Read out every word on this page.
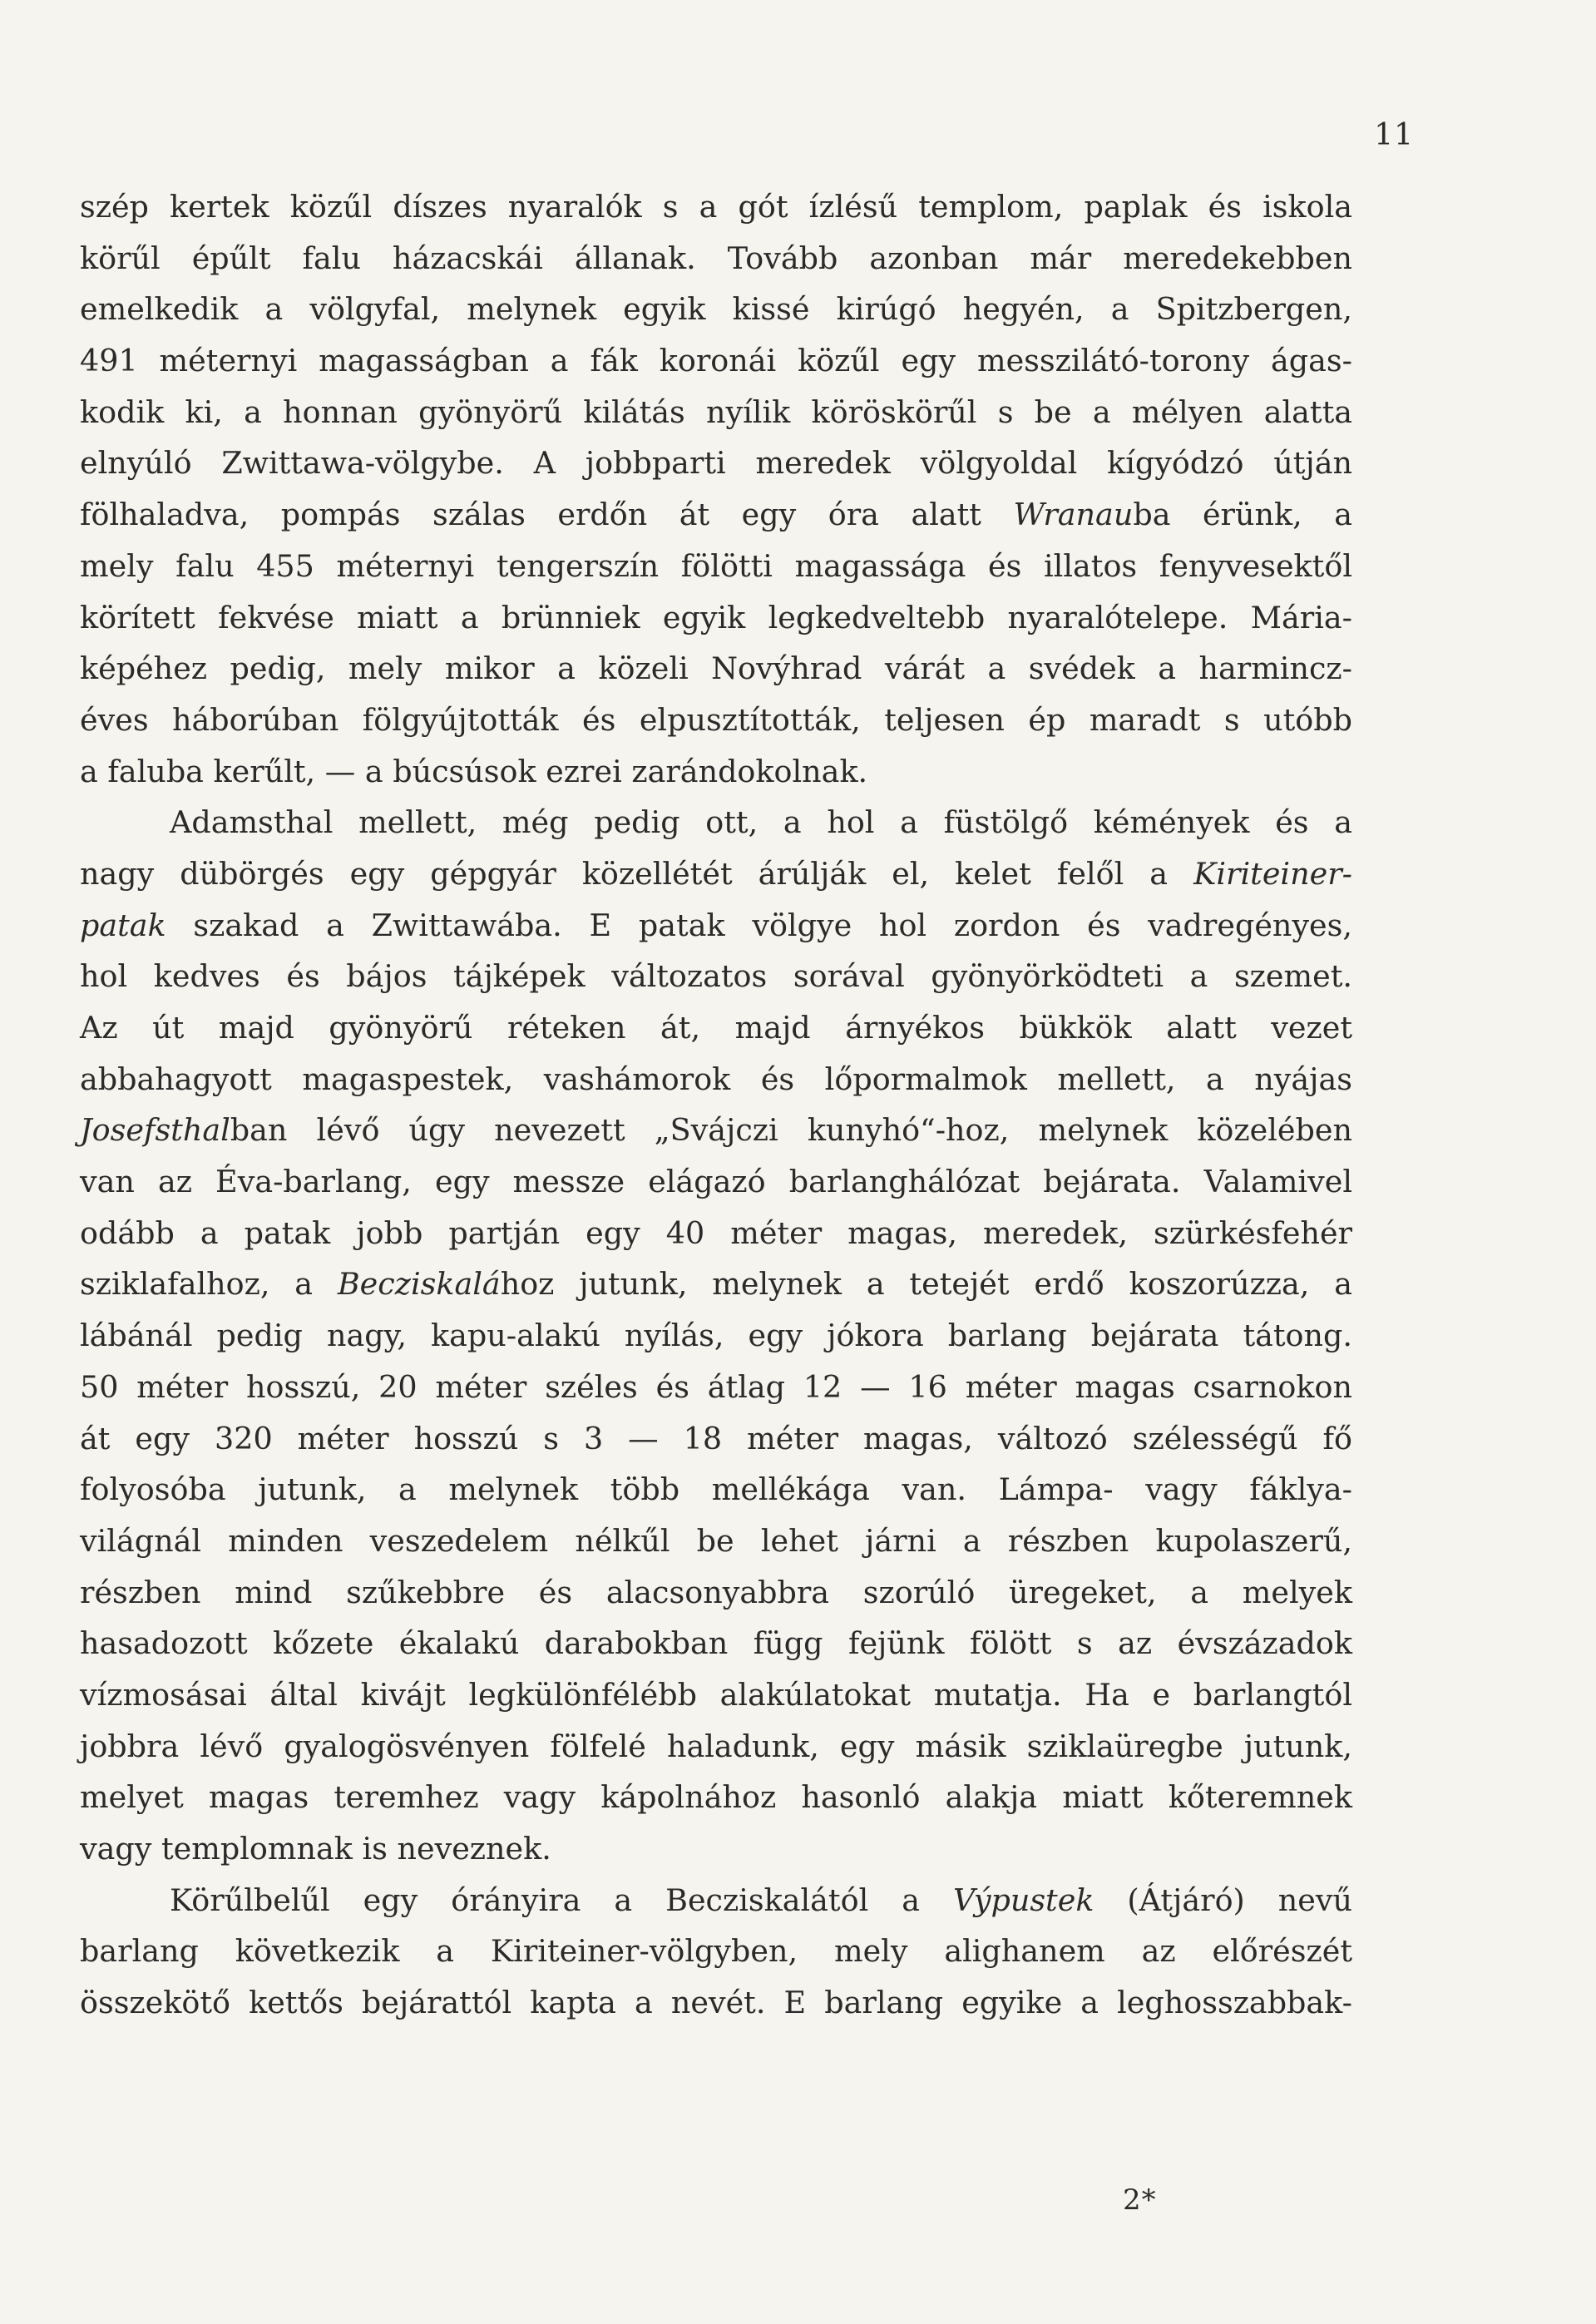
11
szép kertek közűl díszes nyaralók s a gót ízlésű templom, paplak és iskola
körűl épűlt falu házacskái állanak. Tovább azonban már meredekebben
emelkedik a völgyfal, melynek egyik kissé kirúgó hegyén, a Spitzbergen,
491 méternyi magasságban a fák koronái közűl egy messzilátó-torony ágas-
kodik ki, a honnan gyönyörű kilátás nyílik köröskörűl s be a mélyen alatta
elnyúló Zwittawa-völgybe. A jobbparti meredek völgyoldal kígyódzó útján
fölhaladva, pompás szálas erdőn át egy óra alatt Wranauba érünk, a
mely falu 455 méternyi tengerszín fölötti magassága és illatos fenyvesektől
körített fekvése miatt a brünniek egyik legkedveltebb nyaralótelepe. Mária-
képéhez pedig, mely mikor a közeli Novýhrad várát a svédek a harmincz-
éves háborúban fölgyújtották és elpusztították, teljesen ép maradt s utóbb
a faluba kerűlt, — a búcsúsok ezrei zarándokolnak.
Adamsthal mellett, még pedig ott, a hol a füstölgő kémények és a
nagy dübörgés egy gépgyár közellétét árúlják el, kelet felől a Kiriteiner-
patak szakad a Zwittawába. E patak völgye hol zordon és vadregényes,
hol kedves és bájos tájképek változatos sorával gyönyörködteti a szemet.
Az út majd gyönyörű réteken át, majd árnyékos bükkök alatt vezet
abbahagyott magaspestek, vashámorok és lőpormalmok mellett, a nyájas
Josefsthalban lévő úgy nevezett „Svájczi kunyhó“-hoz, melynek közelében
van az Éva-barlang, egy messze elágazó barlanghálózat bejárata. Valamivel
odább a patak jobb partján egy 40 méter magas, meredek, szürkésfehér
sziklafalhoz, a Becziskalához jutunk, melynek a tetejét erdő koszorúzza, a
lábánál pedig nagy, kapu-alakú nyílás, egy jókora barlang bejárata tátong.
50 méter hosszú, 20 méter széles és átlag 12 — 16 méter magas csarnokon
át egy 320 méter hosszú s 3 — 18 méter magas, változó szélességű fő
folyosóba jutunk, a melynek több mellékága van. Lámpa- vagy fáklya-
világnál minden veszedelem nélkűl be lehet járni a részben kupolaszerű,
részben mind szűkebbre és alacsonyabbra szorúló üregeket, a melyek
hasadozott kőzete ékalakú darabokban függ fejünk fölött s az évszázadok
vízmosásai által kivájt legkülönfélébb alakúlatokat mutatja. Ha e barlangtól
jobbra lévő gyalogösvényen fölfelé haladunk, egy másik sziklaüregbe jutunk,
melyet magas teremhez vagy kápolnához hasonló alakja miatt kőteremnek
vagy templomnak is neveznek.
Körűlbelűl egy órányira a Becziskalától a Výpustek (Átjáró) nevű
barlang következik a Kiriteiner-völgyben, mely alighanem az előrészét
összekötő kettős bejárattól kapta a nevét. E barlang egyike a leghosszabbak-
2*
